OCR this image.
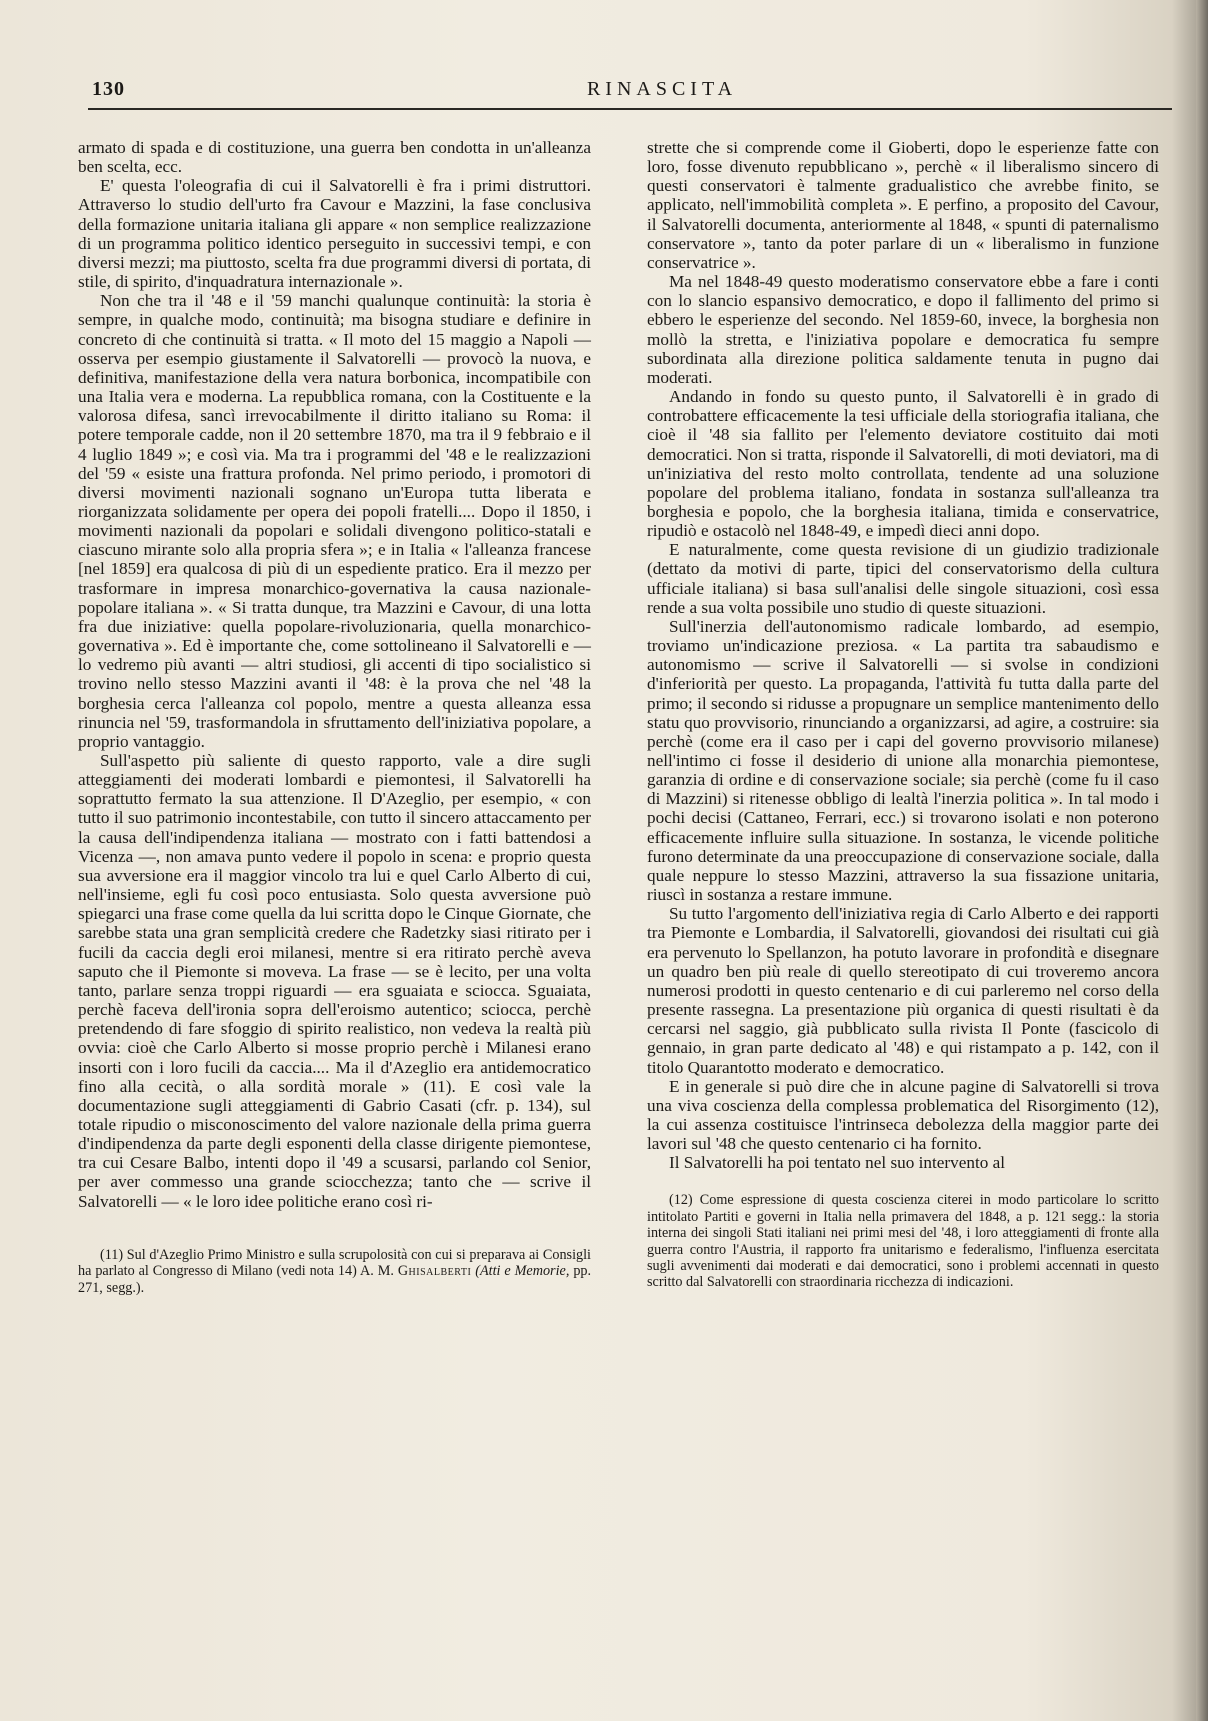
130	RINASCITA

armato di spada e di costituzione, una guerra ben condotta in un'alleanza ben scelta, ecc.

E' questa l'oleografia di cui il Salvatorelli è fra i primi distruttori. Attraverso lo studio dell'urto fra Cavour e Mazzini, la fase conclusiva della formazione unitaria italiana gli appare « non semplice realizzazione di un programma politico identico perseguito in successivi tempi, e con diversi mezzi; ma piuttosto, scelta fra due programmi diversi di portata, di stile, di spirito, d'inquadratura internazionale ».

Non che tra il '48 e il '59 manchi qualunque continuità: la storia è sempre, in qualche modo, continuità; ma bisogna studiare e definire in concreto di che continuità si tratta. « Il moto del 15 maggio a Napoli — osserva per esempio giustamente il Salvatorelli — provocò la nuova, e definitiva, manifestazione della vera natura borbonica, incompatibile con una Italia vera e moderna. La repubblica romana, con la Costituente e la valorosa difesa, sancì irrevocabilmente il diritto italiano su Roma: il potere temporale cadde, non il 20 settembre 1870, ma tra il 9 febbraio e il 4 luglio 1849 »; e così via. Ma tra i programmi del '48 e le realizzazioni del '59 « esiste una frattura profonda. Nel primo periodo, i promotori di diversi movimenti nazionali sognano un'Europa tutta liberata e riorganizzata solidamente per opera dei popoli fratelli.... Dopo il 1850, i movimenti nazionali da popolari e solidali divengono politico-statali e ciascuno mirante solo alla propria sfera »; e in Italia « l'alleanza francese [nel 1859] era qualcosa di più di un espediente pratico. Era il mezzo per trasformare in impresa monarchico-governativa la causa nazionale-popolare italiana ». « Si tratta dunque, tra Mazzini e Cavour, di una lotta fra due iniziative: quella popolare-rivoluzionaria, quella monarchico-governativa ». Ed è importante che, come sottolineano il Salvatorelli e — lo vedremo più avanti — altri studiosi, gli accenti di tipo socialistico si trovino nello stesso Mazzini avanti il '48: è la prova che nel '48 la borghesia cerca l'alleanza col popolo, mentre a questa alleanza essa rinuncia nel '59, trasformandola in sfruttamento dell'iniziativa popolare, a proprio vantaggio.

Sull'aspetto più saliente di questo rapporto, vale a dire sugli atteggiamenti dei moderati lombardi e piemontesi, il Salvatorelli ha soprattutto fermato la sua attenzione. Il D'Azeglio, per esempio, « con tutto il suo patrimonio incontestabile, con tutto il sincero attaccamento per la causa dell'indipendenza italiana — mostrato con i fatti battendosi a Vicenza —, non amava punto vedere il popolo in scena: e proprio questa sua avversione era il maggior vincolo tra lui e quel Carlo Alberto di cui, nell'insieme, egli fu così poco entusiasta. Solo questa avversione può spiegarci una frase come quella da lui scritta dopo le Cinque Giornate, che sarebbe stata una gran semplicità credere che Radetzky siasi ritirato per i fucili da caccia degli eroi milanesi, mentre si era ritirato perchè aveva saputo che il Piemonte si moveva. La frase — se è lecito, per una volta tanto, parlare senza troppi riguardi — era sguaiata e sciocca. Sguaiata, perchè faceva dell'ironia sopra dell'eroismo autentico; sciocca, perchè pretendendo di fare sfoggio di spirito realistico, non vedeva la realtà più ovvia: cioè che Carlo Alberto si mosse proprio perchè i Milanesi erano insorti con i loro fucili da caccia.... Ma il d'Azeglio era antidemocratico fino alla cecità, o alla sordità morale » (11). E così vale la documentazione sugli atteggiamenti di Gabrio Casati (cfr. p. 134), sul totale ripudio o misconoscimento del valore nazionale della prima guerra d'indipendenza da parte degli esponenti della classe dirigente piemontese, tra cui Cesare Balbo, intenti dopo il '49 a scusarsi, parlando col Senior, per aver commesso una grande sciocchezza; tanto che — scrive il Salvatorelli — « le loro idee politiche erano così ri-

(11) Sul d'Azeglio Primo Ministro e sulla scrupolosità con cui si preparava ai Consigli ha parlato al Congresso di Milano (vedi nota 14) A. M. Ghisalberti (Atti e Memorie, pp. 271, segg.).

strette che si comprende come il Gioberti, dopo le esperienze fatte con loro, fosse divenuto repubblicano », perchè « il liberalismo sincero di questi conservatori è talmente gradualistico che avrebbe finito, se applicato, nell'immobilità completa ». E perfino, a proposito del Cavour, il Salvatorelli documenta, anteriormente al 1848, « spunti di paternalismo conservatore », tanto da poter parlare di un « liberalismo in funzione conservatrice ».

Ma nel 1848-49 questo moderatismo conservatore ebbe a fare i conti con lo slancio espansivo democratico, e dopo il fallimento del primo si ebbero le esperienze del secondo. Nel 1859-60, invece, la borghesia non mollò la stretta, e l'iniziativa popolare e democratica fu sempre subordinata alla direzione politica saldamente tenuta in pugno dai moderati.

Andando in fondo su questo punto, il Salvatorelli è in grado di controbattere efficacemente la tesi ufficiale della storiografia italiana, che cioè il '48 sia fallito per l'elemento deviatore costituito dai moti democratici. Non si tratta, risponde il Salvatorelli, di moti deviatori, ma di un'iniziativa del resto molto controllata, tendente ad una soluzione popolare del problema italiano, fondata in sostanza sull'alleanza tra borghesia e popolo, che la borghesia italiana, timida e conservatrice, ripudiò e ostacolò nel 1848-49, e impedì dieci anni dopo.

E naturalmente, come questa revisione di un giudizio tradizionale (dettato da motivi di parte, tipici del conservatorismo della cultura ufficiale italiana) si basa sull'analisi delle singole situazioni, così essa rende a sua volta possibile uno studio di queste situazioni.

Sull'inerzia dell'autonomismo radicale lombardo, ad esempio, troviamo un'indicazione preziosa. « La partita tra sabaudismo e autonomismo — scrive il Salvatorelli — si svolse in condizioni d'inferiorità per questo. La propaganda, l'attività fu tutta dalla parte del primo; il secondo si ridusse a propugnare un semplice mantenimento dello statu quo provvisorio, rinunciando a organizzarsi, ad agire, a costruire: sia perchè (come era il caso per i capi del governo provvisorio milanese) nell'intimo ci fosse il desiderio di unione alla monarchia piemontese, garanzia di ordine e di conservazione sociale; sia perchè (come fu il caso di Mazzini) si ritenesse obbligo di lealtà l'inerzia politica ». In tal modo i pochi decisi (Cattaneo, Ferrari, ecc.) si trovarono isolati e non poterono efficacemente influire sulla situazione. In sostanza, le vicende politiche furono determinate da una preoccupazione di conservazione sociale, dalla quale neppure lo stesso Mazzini, attraverso la sua fissazione unitaria, riuscì in sostanza a restare immune.

Su tutto l'argomento dell'iniziativa regia di Carlo Alberto e dei rapporti tra Piemonte e Lombardia, il Salvatorelli, giovandosi dei risultati cui già era pervenuto lo Spellanzon, ha potuto lavorare in profondità e disegnare un quadro ben più reale di quello stereotipato di cui troveremo ancora numerosi prodotti in questo centenario e di cui parleremo nel corso della presente rassegna. La presentazione più organica di questi risultati è da cercarsi nel saggio, già pubblicato sulla rivista Il Ponte (fascicolo di gennaio, in gran parte dedicato al '48) e qui ristampato a p. 142, con il titolo Quarantotto moderato e democratico.

E in generale si può dire che in alcune pagine di Salvatorelli si trova una viva coscienza della complessa problematica del Risorgimento (12), la cui assenza costituisce l'intrinseca debolezza della maggior parte dei lavori sul '48 che questo centenario ci ha fornito.

Il Salvatorelli ha poi tentato nel suo intervento al

(12) Come espressione di questa coscienza citerei in modo particolare lo scritto intitolato Partiti e governi in Italia nella primavera del 1848, a p. 121 segg.: la storia interna dei singoli Stati italiani nei primi mesi del '48, i loro atteggiamenti di fronte alla guerra contro l'Austria, il rapporto fra unitarismo e federalismo, l'influenza esercitata sugli avvenimenti dai moderati e dai democratici, sono i problemi accennati in questo scritto dal Salvatorelli con straordinaria ricchezza di indicazioni.
